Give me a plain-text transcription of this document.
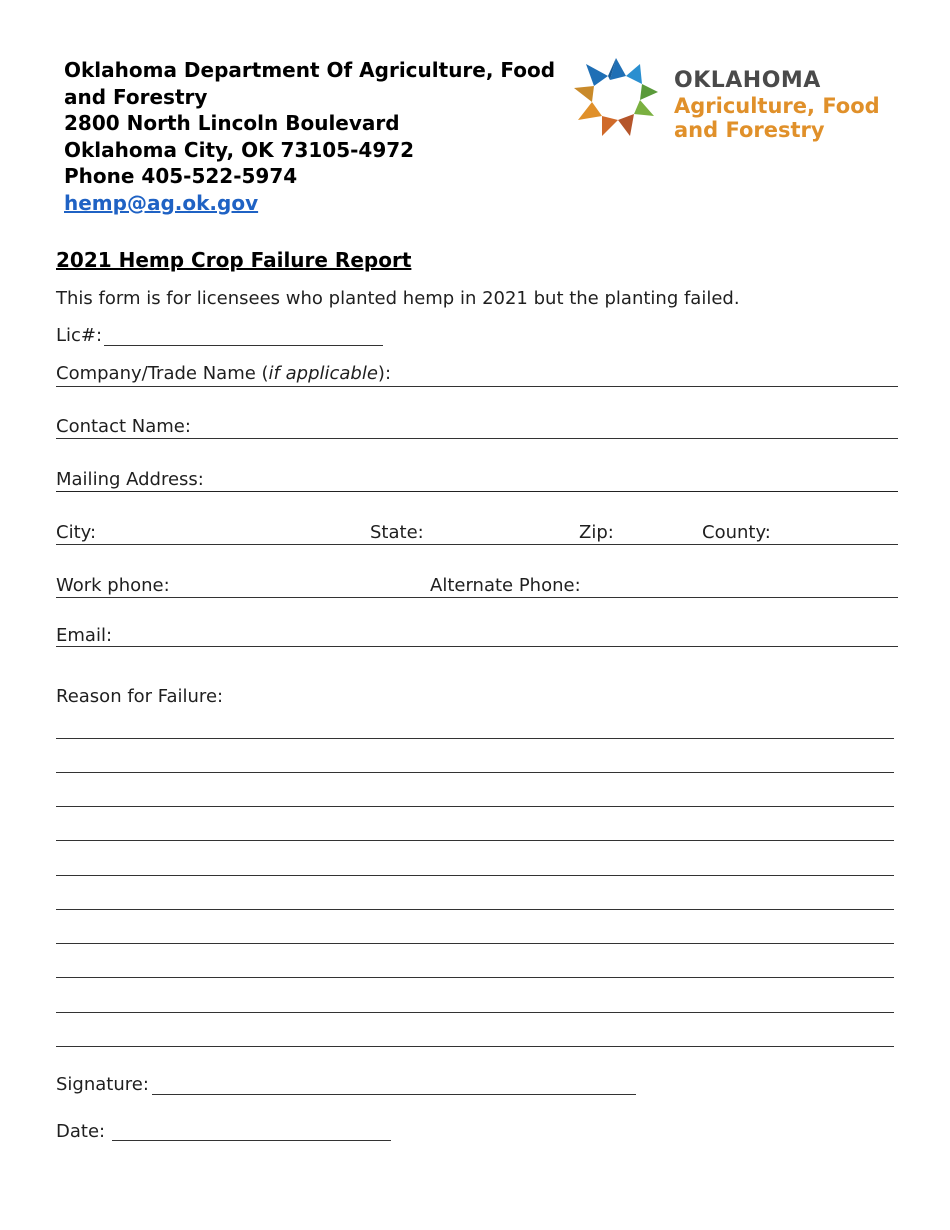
Oklahoma Department Of Agriculture, Food
and Forestry
2800 North Lincoln Boulevard
Oklahoma City, OK 73105-4972
Phone 405-522-5974
hemp@ag.ok.gov
OKLAHOMA
Agriculture, Food
and Forestry
2021 Hemp Crop Failure Report
This form is for licensees who planted hemp in 2021 but the planting failed.
Lic#:
Company/Trade Name (if applicable):
Contact Name:
Mailing Address:
City:	State:	Zip:	County:
Work phone:	Alternate Phone:
Email:
Reason for Failure:
Signature:
Date:
